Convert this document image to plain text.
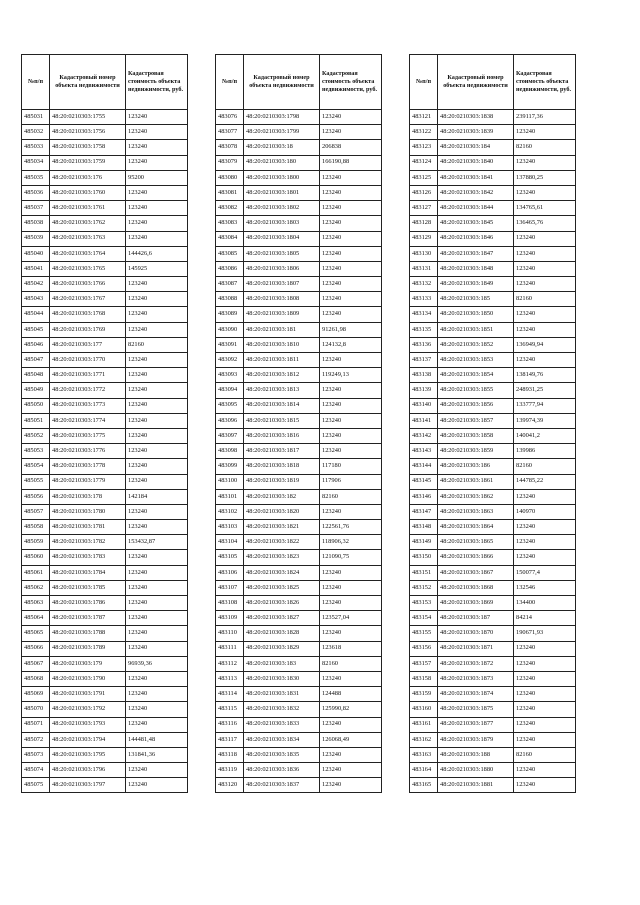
№п/п	Кадастровый номер объекта недвижимости	Кадастровая стоимость объекта недвижимости, руб.
485031	48:20:0210303:1755	123240
485032	48:20:0210303:1756	123240
485033	48:20:0210303:1758	123240
485034	48:20:0210303:1759	123240
485035	48:20:0210303:176	95200
485036	48:20:0210303:1760	123240
485037	48:20:0210303:1761	123240
485038	48:20:0210303:1762	123240
485039	48:20:0210303:1763	123240
485040	48:20:0210303:1764	144426,6
485041	48:20:0210303:1765	145925
485042	48:20:0210303:1766	123240
485043	48:20:0210303:1767	123240
485044	48:20:0210303:1768	123240
485045	48:20:0210303:1769	123240
485046	48:20:0210303:177	82160
485047	48:20:0210303:1770	123240
485048	48:20:0210303:1771	123240
485049	48:20:0210303:1772	123240
485050	48:20:0210303:1773	123240
485051	48:20:0210303:1774	123240
485052	48:20:0210303:1775	123240
485053	48:20:0210303:1776	123240
485054	48:20:0210303:1778	123240
485055	48:20:0210303:1779	123240
485056	48:20:0210303:178	142184
485057	48:20:0210303:1780	123240
485058	48:20:0210303:1781	123240
485059	48:20:0210303:1782	153432,87
485060	48:20:0210303:1783	123240
485061	48:20:0210303:1784	123240
485062	48:20:0210303:1785	123240
485063	48:20:0210303:1786	123240
485064	48:20:0210303:1787	123240
485065	48:20:0210303:1788	123240
485066	48:20:0210303:1789	123240
485067	48:20:0210303:179	96939,36
485068	48:20:0210303:1790	123240
485069	48:20:0210303:1791	123240
485070	48:20:0210303:1792	123240
485071	48:20:0210303:1793	123240
485072	48:20:0210303:1794	144481,48
485073	48:20:0210303:1795	131841,36
485074	48:20:0210303:1796	123240
485075	48:20:0210303:1797	123240
№п/п	Кадастровый номер объекта недвижимости	Кадастровая стоимость объекта недвижимости, руб.
483076	48:20:0210303:1798	123240
483077	48:20:0210303:1799	123240
483078	48:20:0210303:18	206838
483079	48:20:0210303:180	166190,88
483080	48:20:0210303:1800	123240
483081	48:20:0210303:1801	123240
483082	48:20:0210303:1802	123240
483083	48:20:0210303:1803	123240
483084	48:20:0210303:1804	123240
483085	48:20:0210303:1805	123240
483086	48:20:0210303:1806	123240
483087	48:20:0210303:1807	123240
483088	48:20:0210303:1808	123240
483089	48:20:0210303:1809	123240
483090	48:20:0210303:181	91261,98
483091	48:20:0210303:1810	124132,8
483092	48:20:0210303:1811	123240
483093	48:20:0210303:1812	119249,13
483094	48:20:0210303:1813	123240
483095	48:20:0210303:1814	123240
483096	48:20:0210303:1815	123240
483097	48:20:0210303:1816	123240
483098	48:20:0210303:1817	123240
483099	48:20:0210303:1818	117180
483100	48:20:0210303:1819	117906
483101	48:20:0210303:182	82160
483102	48:20:0210303:1820	123240
483103	48:20:0210303:1821	122561,76
483104	48:20:0210303:1822	118906,32
483105	48:20:0210303:1823	121090,75
483106	48:20:0210303:1824	123240
483107	48:20:0210303:1825	123240
483108	48:20:0210303:1826	123240
483109	48:20:0210303:1827	123527,04
483110	48:20:0210303:1828	123240
483111	48:20:0210303:1829	123618
483112	48:20:0210303:183	82160
483113	48:20:0210303:1830	123240
483114	48:20:0210303:1831	124488
483115	48:20:0210303:1832	125990,82
483116	48:20:0210303:1833	123240
483117	48:20:0210303:1834	126068,49
483118	48:20:0210303:1835	123240
483119	48:20:0210303:1836	123240
483120	48:20:0210303:1837	123240
№п/п	Кадастровый номер объекта недвижимости	Кадастровая стоимость объекта недвижимости, руб.
483121	48:20:0210303:1838	239117,36
483122	48:20:0210303:1839	123240
483123	48:20:0210303:184	82160
483124	48:20:0210303:1840	123240
483125	48:20:0210303:1841	137880,25
483126	48:20:0210303:1842	123240
483127	48:20:0210303:1844	134765,61
483128	48:20:0210303:1845	136465,76
483129	48:20:0210303:1846	123240
483130	48:20:0210303:1847	123240
483131	48:20:0210303:1848	123240
483132	48:20:0210303:1849	123240
483133	48:20:0210303:185	82160
483134	48:20:0210303:1850	123240
483135	48:20:0210303:1851	123240
483136	48:20:0210303:1852	136949,94
483137	48:20:0210303:1853	123240
483138	48:20:0210303:1854	138149,76
483139	48:20:0210303:1855	248931,25
483140	48:20:0210303:1856	133777,94
483141	48:20:0210303:1857	139974,39
483142	48:20:0210303:1858	140041,2
483143	48:20:0210303:1859	139986
483144	48:20:0210303:186	82160
483145	48:20:0210303:1861	144785,22
483146	48:20:0210303:1862	123240
483147	48:20:0210303:1863	140970
483148	48:20:0210303:1864	123240
483149	48:20:0210303:1865	123240
483150	48:20:0210303:1866	123240
483151	48:20:0210303:1867	150077,4
483152	48:20:0210303:1868	132546
483153	48:20:0210303:1869	134400
483154	48:20:0210303:187	84214
483155	48:20:0210303:1870	190671,93
483156	48:20:0210303:1871	123240
483157	48:20:0210303:1872	123240
483158	48:20:0210303:1873	123240
483159	48:20:0210303:1874	123240
483160	48:20:0210303:1875	123240
483161	48:20:0210303:1877	123240
483162	48:20:0210303:1879	123240
483163	48:20:0210303:188	82160
483164	48:20:0210303:1880	123240
483165	48:20:0210303:1881	123240
